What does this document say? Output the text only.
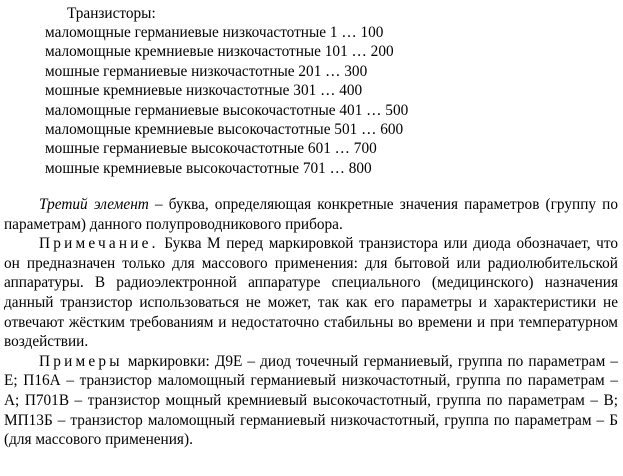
Транзисторы:
маломощные германиевые низкочастотные 1 … 100
маломощные кремниевые низкочастотные 101 … 200
мошные германиевые низкочастотные 201 … 300
мошные кремниевые низкочастотные 301 … 400
маломощные германиевые высокочастотные 401 … 500
маломощные кремниевые высокочастотные 501 … 600
мошные германиевые высокочастотные 601 … 700
мошные кремниевые высокочастотные 701 … 800

Третий элемент – буква, определяющая конкретные значения параметров (группу по параметрам) данного полупроводникового прибора.

Примечание. Буква М перед маркировкой транзистора или диода обозначает, что он предназначен только для массового применения: для бытовой или радиолюбительской аппаратуры. В радиоэлектронной аппаратуре специального (медицинского) назначения данный транзистор использоваться не может, так как его параметры и характеристики не отвечают жёстким требованиям и недостаточно стабильны во времени и при температурном воздействии.

Примеры маркировки: Д9Е – диод точечный германиевый, группа по параметрам – Е; П16А – транзистор маломощный германиевый низкочастотный, группа по параметрам – А; П701В – транзистор мощный кремниевый высокочастотный, группа по параметрам – В; МП13Б – транзистор маломощный германиевый низкочастотный, группа по параметрам – Б (для массового применения).
